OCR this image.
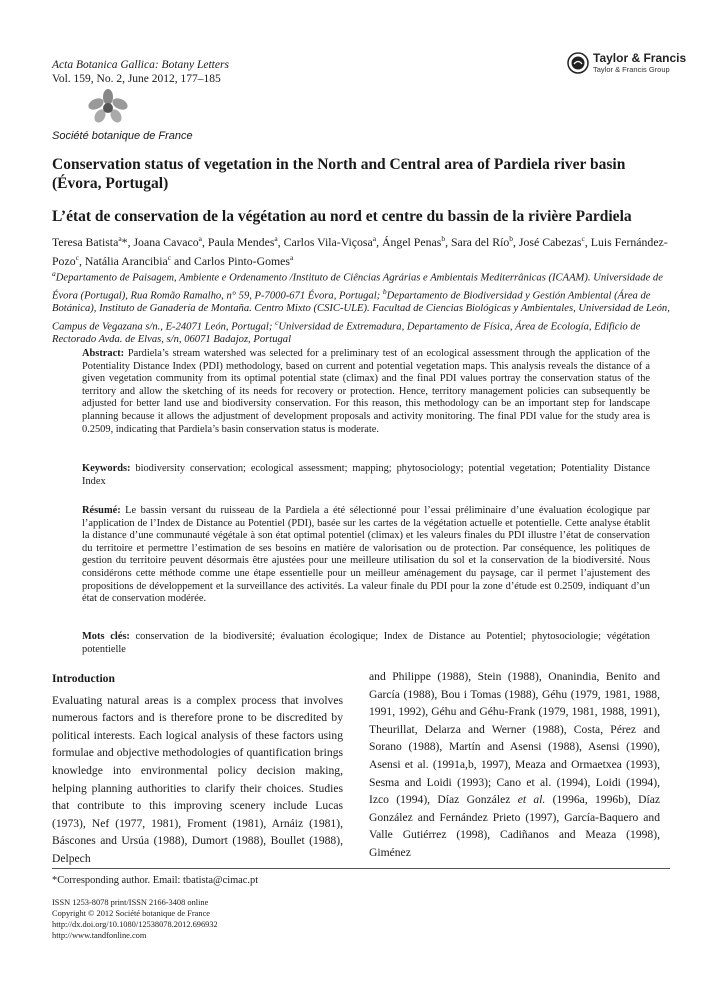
Acta Botanica Gallica: Botany Letters
Vol. 159, No. 2, June 2012, 177–185
Taylor & Francis
Taylor & Francis Group
Société botanique de France
Conservation status of vegetation in the North and Central area of Pardiela river basin (Évora, Portugal)
L’état de conservation de la végétation au nord et centre du bassin de la rivière Pardiela
Teresa Batista$^a$*, Joana Cavaco$^a$, Paula Mendes$^a$, Carlos Vila-Viçosa$^a$, Ángel Penas$^b$, Sara del Río$^b$, José Cabezas$^c$, Luis Fernández-Pozo$^c$, Natália Arancibia$^c$ and Carlos Pinto-Gomes$^a$
$^a$Departamento de Paisagem, Ambiente e Ordenamento /Instituto de Ciências Agrárias e Ambientais Mediterrânicas (ICAAM). Universidade de Évora (Portugal), Rua Romão Ramalho, n° 59, P-7000-671 Évora, Portugal; $^b$Departamento de Biodiversidad y Gestión Ambiental (Área de Botánica), Instituto de Ganadería de Montaña. Centro Mixto (CSIC-ULE). Facultad de Ciencias Biológicas y Ambientales, Universidad de León, Campus de Vegazana s/n., E-24071 León, Portugal; $^c$Universidad de Extremadura, Departamento de Física, Área de Ecología, Edificio de Rectorado Avda. de Elvas, s/n, 06071 Badajoz, Portugal
Abstract: Pardiela’s stream watershed was selected for a preliminary test of an ecological assessment through the application of the Potentiality Distance Index (PDI) methodology, based on current and potential vegetation maps. This analysis reveals the distance of a given vegetation community from its optimal potential state (climax) and the final PDI values portray the conservation status of the territory and allow the sketching of its needs for recovery or protection. Hence, territory management policies can subsequently be adjusted for better land use and biodiversity conservation. For this reason, this methodology can be an important step for landscape planning because it allows the adjustment of development proposals and activity monitoring. The final PDI value for the study area is 0.2509, indicating that Pardiela’s basin conservation status is moderate.
Keywords: biodiversity conservation; ecological assessment; mapping; phytosociology; potential vegetation; Potentiality Distance Index
Résumé: Le bassin versant du ruisseau de la Pardiela a été sélectionné pour l’essai préliminaire d’une évaluation écologique par l’application de l’Index de Distance au Potentiel (PDI), basée sur les cartes de la végétation actuelle et potentielle. Cette analyse établit la distance d’une communauté végétale à son état optimal potentiel (climax) et les valeurs finales du PDI illustre l’état de conservation du territoire et permettre l’estimation de ses besoins en matière de valorisation ou de protection. Par conséquence, les politiques de gestion du territoire peuvent désormais être ajustées pour une meilleure utilisation du sol et la conservation de la biodiversité. Nous considérons cette méthode comme une étape essentielle pour un meilleur aménagement du paysage, car il permet l’ajustement des propositions de développement et la surveillance des activités. La valeur finale du PDI pour la zone d’étude est 0.2509, indiquant d’un état de conservation modérée.
Mots clés: conservation de la biodiversité; évaluation écologique; Index de Distance au Potentiel; phytosociologie; végétation potentielle
Introduction
Evaluating natural areas is a complex process that involves numerous factors and is therefore prone to be discredited by political interests. Each logical analysis of these factors using formulae and objective methodologies of quantification brings knowledge into environmental policy decision making, helping planning authorities to clarify their choices. Studies that contribute to this improving scenery include Lucas (1973), Nef (1977, 1981), Froment (1981), Arnáiz (1981), Báscones and Ursúa (1988), Dumort (1988), Boullet (1988), Delpech
and Philippe (1988), Stein (1988), Onanindia, Benito and García (1988), Bou i Tomas (1988), Géhu (1979, 1981, 1988, 1991, 1992), Géhu and Géhu-Frank (1979, 1981, 1988, 1991), Theurillat, Delarza and Werner (1988), Costa, Pérez and Sorano (1988), Martín and Asensi (1988), Asensi (1990), Asensi et al. (1991a,b, 1997), Meaza and Ormaetxea (1993), Sesma and Loidi (1993); Cano et al. (1994), Loidi (1994), Izco (1994), Díaz González et al. (1996a, 1996b), Díaz González and Fernández Prieto (1997), García-Baquero and Valle Gutiérrez (1998), Cadiñanos and Meaza (1998), Giménez
*Corresponding author. Email: tbatista@cimac.pt
ISSN 1253-8078 print/ISSN 2166-3408 online
Copyright © 2012 Société botanique de France
http://dx.doi.org/10.1080/12538078.2012.696932
http://www.tandfonline.com
